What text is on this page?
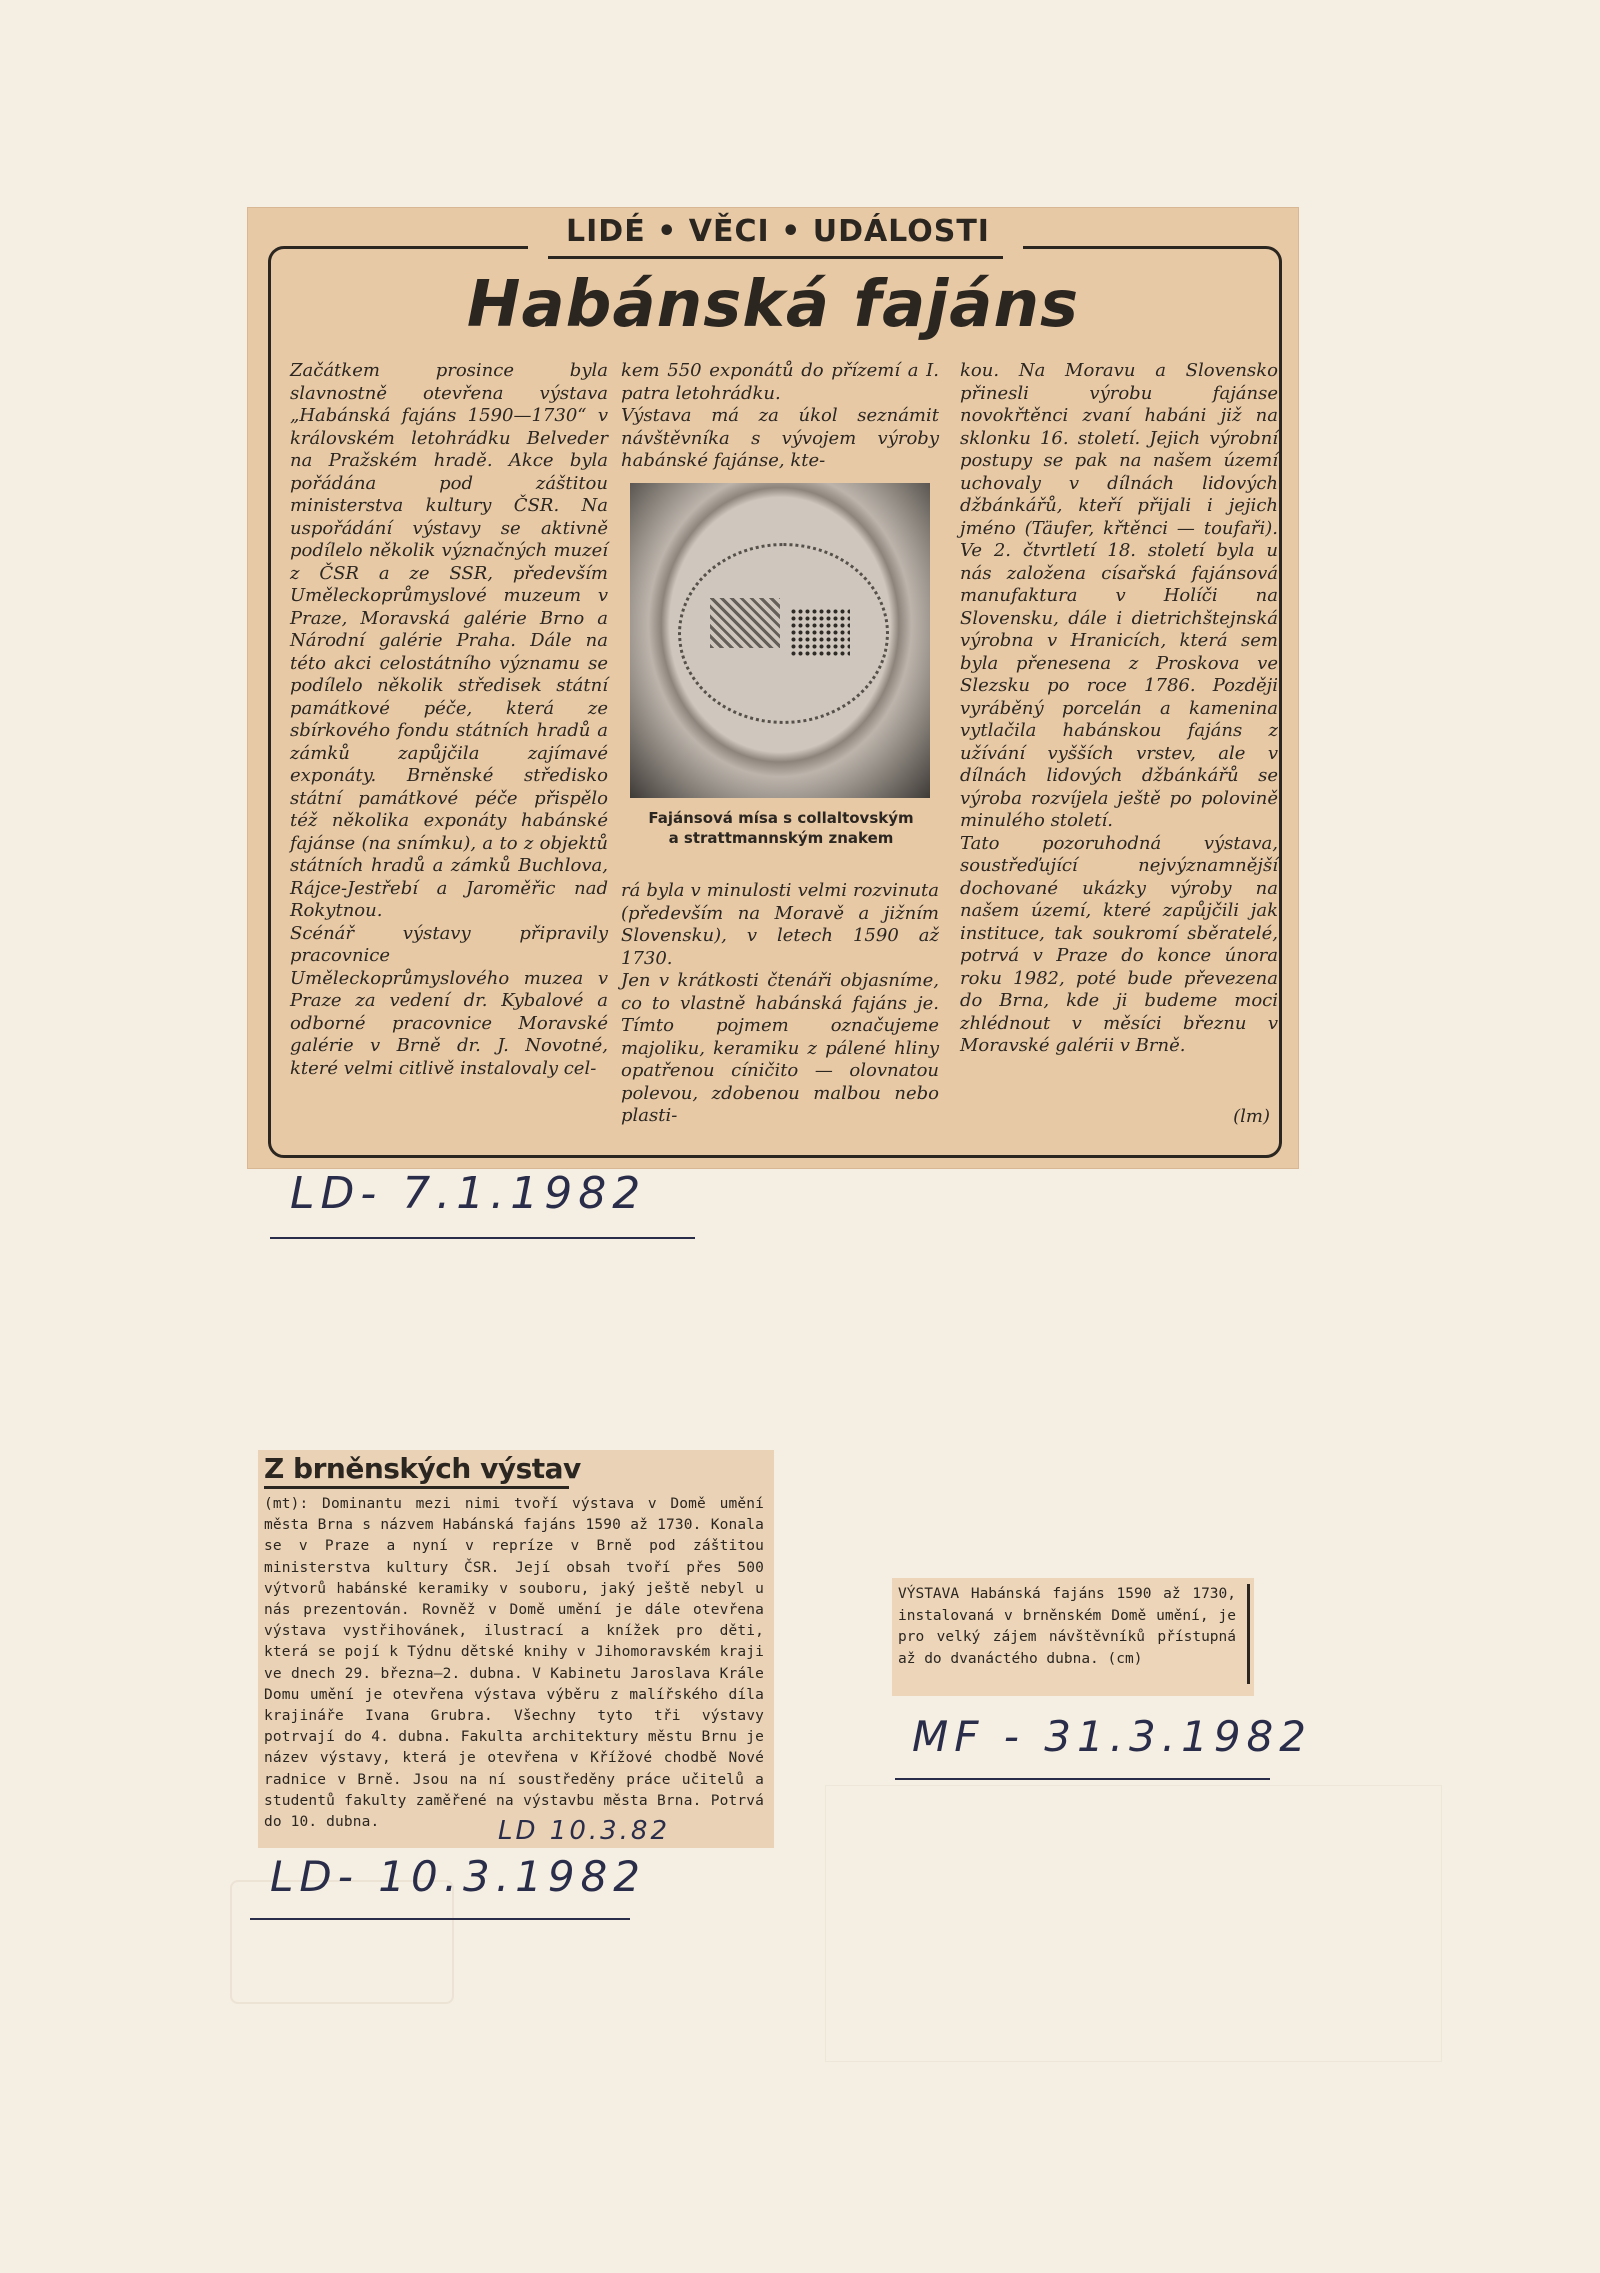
LIDÉ • VĚCI • UDÁLOSTI
Habánská fajáns
Začátkem prosince byla slavnostně otevřena výstava „Habánská fajáns 1590—1730“ v královském letohrádku Belveder na Pražském hradě. Akce byla pořádána pod záštitou ministerstva kultury ČSR. Na uspořádání výstavy se aktivně podílelo několik význačných muzeí z ČSR a ze SSR, především Uměleckoprůmyslové muzeum v Praze, Moravská galérie Brno a Národní galérie Praha. Dále na této akci celostátního významu se podílelo několik středisek státní památkové péče, která ze sbírkového fondu státních hradů a zámků zapůjčila zajímavé exponáty. Brněnské středisko státní památkové péče přispělo též několika exponáty habánské fajánse (na snímku), a to z objektů státních hradů a zámků Buchlova, Rájce-Jestřebí a Jaroměřic nad Rokytnou.
Scénář výstavy připravily pracovnice Uměleckoprůmyslového muzea v Praze za vedení dr. Kybalové a odborné pracovnice Moravské galérie v Brně dr. J. Novotné, které velmi citlivě instalovaly cel-
kem 550 exponátů do přízemí a I. patra letohrádku.
Výstava má za úkol seznámit návštěvníka s vývojem výroby habánské fajánse, kte-
Fajánsová mísa s collaltovským
a strattmannským znakem
rá byla v minulosti velmi rozvinuta (především na Moravě a jižním Slovensku), v letech 1590 až 1730.
Jen v krátkosti čtenáři objasníme, co to vlastně habánská fajáns je. Tímto pojmem označujeme majoliku, keramiku z pálené hliny opatřenou cíničito — olovnatou polevou, zdobenou malbou nebo plasti-
kou. Na Moravu a Slovensko přinesli výrobu fajánse novokřtěnci zvaní habáni již na sklonku 16. století. Jejich výrobní postupy se pak na našem území uchovaly v dílnách lidových džbánkářů, kteří přijali i jejich jméno (Täufer, křtěnci — toufaři). Ve 2. čtvrtletí 18. století byla u nás založena císařská fajánsová manufaktura v Holíči na Slovensku, dále i dietrichštejnská výrobna v Hranicích, která sem byla přenesena z Proskova ve Slezsku po roce 1786. Později vyráběný porcelán a kamenina vytlačila habánskou fajáns z užívání vyšších vrstev, ale v dílnách lidových džbánkářů se výroba rozvíjela ještě po polovině minulého století.
Tato pozoruhodná výstava, soustřeďující nejvýznamnější dochované ukázky výroby na našem území, které zapůjčili jak instituce, tak soukromí sběratelé, potrvá v Praze do konce února roku 1982, poté bude převezena do Brna, kde ji budeme moci zhlédnout v měsíci březnu v Moravské galérii v Brně.
(lm)
LD- 7.1.1982
Z brněnských výstav
(mt): Dominantu mezi nimi tvoří výstava v Domě umění města Brna s názvem Habánská fajáns 1590 až 1730. Konala se v Praze a nyní v repríze v Brně pod záštitou ministerstva kultury ČSR. Její obsah tvoří přes 500 výtvorů habánské keramiky v souboru, jaký ještě nebyl u nás prezentován. Rovněž v Domě umění je dále otevřena výstava vystřihovánek, ilustrací a knížek pro děti, která se pojí k Týdnu dětské knihy v Jihomoravském kraji ve dnech 29. března—2. dubna. V Kabinetu Jaroslava Krále Domu umění je otevřena výstava výběru z malířského díla krajináře Ivana Grubra. Všechny tyto tři výstavy potrvají do 4. dubna. Fakulta architektury městu Brnu je název výstavy, která je otevřena v Křížové chodbě Nové radnice v Brně. Jsou na ní soustředěny práce učitelů a studentů fakulty zaměřené na výstavbu města Brna. Potrvá do 10. dubna.	LD 10.3.82
LD- 10.3.1982
VÝSTAVA Habánská fajáns 1590 až 1730, instalovaná v brněnském Domě umění, je pro velký zájem návštěvníků přístupná až do dvanáctého dubna. (cm)
MF - 31.3.1982
